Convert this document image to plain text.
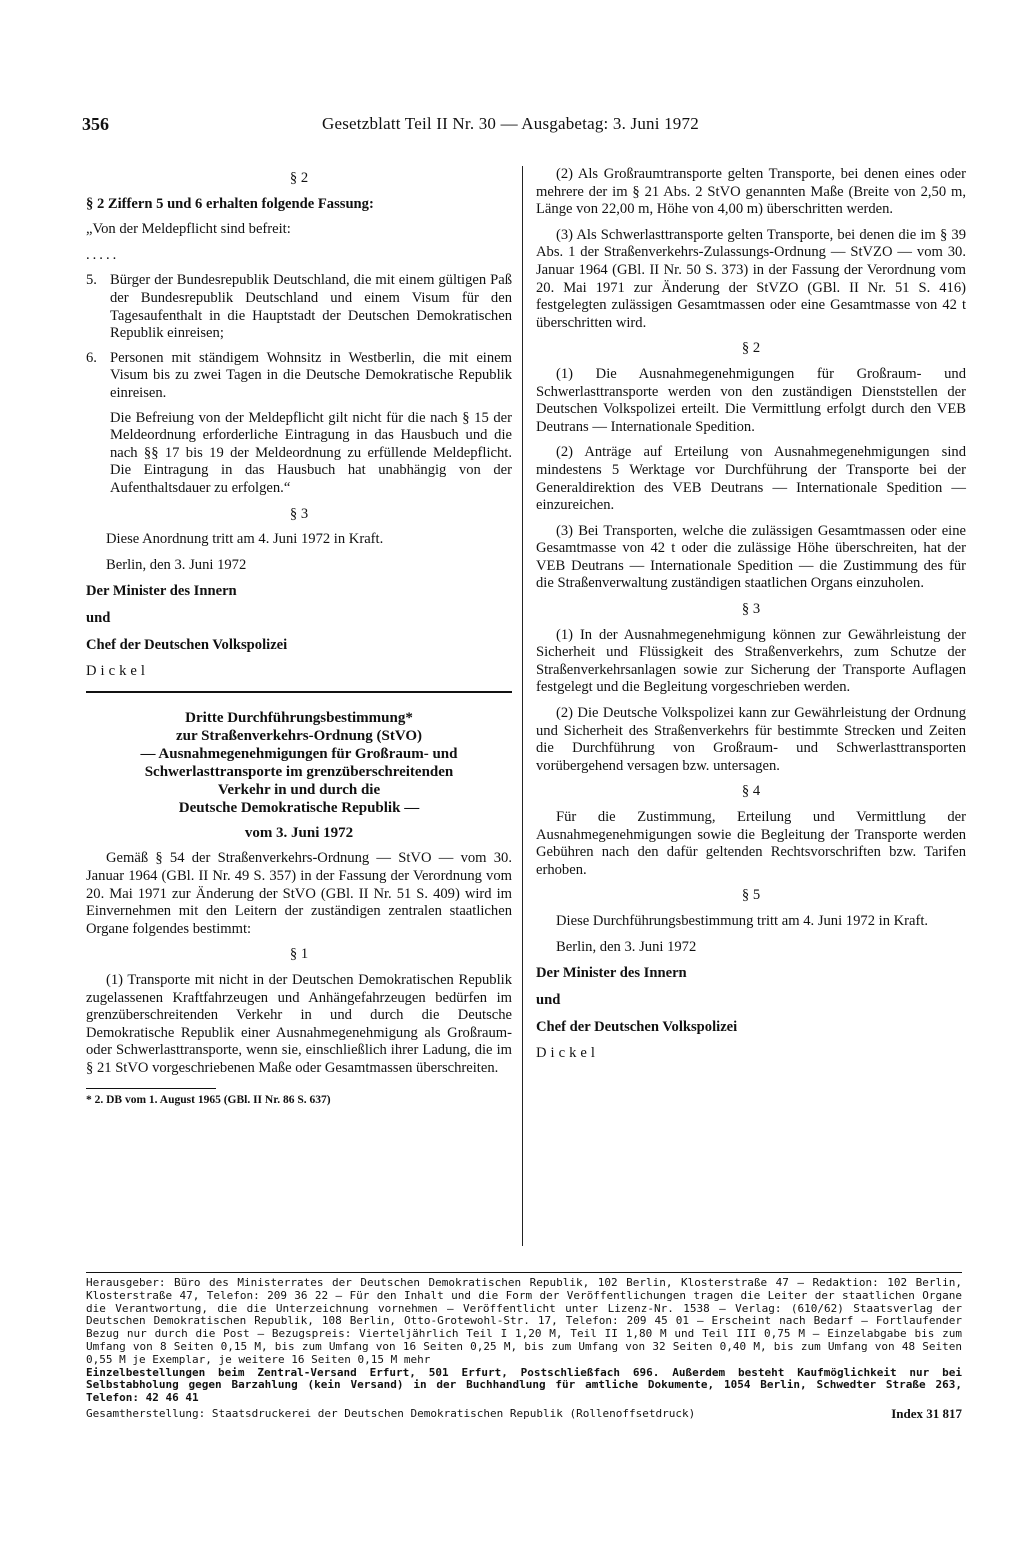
356	Gesetzblatt Teil II Nr. 30 — Ausgabetag: 3. Juni 1972
§ 2

§ 2 Ziffern 5 und 6 erhalten folgende Fassung:

„Von der Meldepflicht sind befreit:

.....

5. Bürger der Bundesrepublik Deutschland, die mit einem gültigen Paß der Bundesrepublik Deutschland und einem Visum für den Tagesaufenthalt in die Hauptstadt der Deutschen Demokratischen Republik einreisen;
6. Personen mit ständigem Wohnsitz in Westberlin, die mit einem Visum bis zu zwei Tagen in die Deutsche Demokratische Republik einreisen.

Die Befreiung von der Meldepflicht gilt nicht für die nach § 15 der Meldeordnung erforderliche Eintragung in das Hausbuch und die nach §§ 17 bis 19 der Meldeordnung zu erfüllende Meldepflicht. Die Eintragung in das Hausbuch hat unabhängig von der Aufenthaltsdauer zu erfolgen.“

§ 3

Diese Anordnung tritt am 4. Juni 1972 in Kraft.

Berlin, den 3. Juni 1972

Der Minister des Innern

und

Chef der Deutschen Volkspolizei

Dickel

Dritte Durchführungsbestimmung*
zur Straßenverkehrs-Ordnung (StVO)
— Ausnahmegenehmigungen für Großraum- und
Schwerlasttransporte im grenzüberschreitenden
Verkehr in und durch die
Deutsche Demokratische Republik —
vom 3. Juni 1972

Gemäß § 54 der Straßenverkehrs-Ordnung — StVO — vom 30. Januar 1964 (GBl. II Nr. 49 S. 357) in der Fassung der Verordnung vom 20. Mai 1971 zur Änderung der StVO (GBl. II Nr. 51 S. 409) wird im Einvernehmen mit den Leitern der zuständigen zentralen staatlichen Organe folgendes bestimmt:

§ 1

(1) Transporte mit nicht in der Deutschen Demokratischen Republik zugelassenen Kraftfahrzeugen und Anhängefahrzeugen bedürfen im grenzüberschreitenden Verkehr in und durch die Deutsche Demokratische Republik einer Ausnahmegenehmigung als Großraum- oder Schwerlasttransporte, wenn sie, einschließlich ihrer Ladung, die im § 21 StVO vorgeschriebenen Maße oder Gesamtmassen überschreiten.

* 2. DB vom 1. August 1965 (GBl. II Nr. 86 S. 637)

(2) Als Großraumtransporte gelten Transporte, bei denen eines oder mehrere der im § 21 Abs. 2 StVO genannten Maße (Breite von 2,50 m, Länge von 22,00 m, Höhe von 4,00 m) überschritten werden.

(3) Als Schwerlasttransporte gelten Transporte, bei denen die im § 39 Abs. 1 der Straßenverkehrs-Zulassungs-Ordnung — StVZO — vom 30. Januar 1964 (GBl. II Nr. 50 S. 373) in der Fassung der Verordnung vom 20. Mai 1971 zur Änderung der StVZO (GBl. II Nr. 51 S. 416) festgelegten zulässigen Gesamtmassen oder eine Gesamtmasse von 42 t überschritten wird.

§ 2

(1) Die Ausnahmegenehmigungen für Großraum- und Schwerlasttransporte werden von den zuständigen Dienststellen der Deutschen Volkspolizei erteilt. Die Vermittlung erfolgt durch den VEB Deutrans — Internationale Spedition.

(2) Anträge auf Erteilung von Ausnahmegenehmigungen sind mindestens 5 Werktage vor Durchführung der Transporte bei der Generaldirektion des VEB Deutrans — Internationale Spedition — einzureichen.

(3) Bei Transporten, welche die zulässigen Gesamtmassen oder eine Gesamtmasse von 42 t oder die zulässige Höhe überschreiten, hat der VEB Deutrans — Internationale Spedition — die Zustimmung des für die Straßenverwaltung zuständigen staatlichen Organs einzuholen.

§ 3

(1) In der Ausnahmegenehmigung können zur Gewährleistung der Sicherheit und Flüssigkeit des Straßenverkehrs, zum Schutze der Straßenverkehrsanlagen sowie zur Sicherung der Transporte Auflagen festgelegt und die Begleitung vorgeschrieben werden.

(2) Die Deutsche Volkspolizei kann zur Gewährleistung der Ordnung und Sicherheit des Straßenverkehrs für bestimmte Strecken und Zeiten die Durchführung von Großraum- und Schwerlasttransporten vorübergehend versagen bzw. untersagen.

§ 4

Für die Zustimmung, Erteilung und Vermittlung der Ausnahmegenehmigungen sowie die Begleitung der Transporte werden Gebühren nach den dafür geltenden Rechtsvorschriften bzw. Tarifen erhoben.

§ 5

Diese Durchführungsbestimmung tritt am 4. Juni 1972 in Kraft.

Berlin, den 3. Juni 1972

Der Minister des Innern

und

Chef der Deutschen Volkspolizei

Dickel

Herausgeber: Büro des Ministerrates der Deutschen Demokratischen Republik, 102 Berlin, Klosterstraße 47 — Redaktion: 102 Berlin, Klosterstraße 47, Telefon: 209 36 22 — Für den Inhalt und die Form der Veröffentlichungen tragen die Leiter der staatlichen Organe die Verantwortung, die die Unterzeichnung vornehmen — Veröffentlicht unter Lizenz-Nr. 1538 — Verlag: (610/62) Staatsverlag der Deutschen Demokratischen Republik, 108 Berlin, Otto-Grotewohl-Str. 17, Telefon: 209 45 01 — Erscheint nach Bedarf — Fortlaufender Bezug nur durch die Post — Bezugspreis: Vierteljährlich Teil I 1,20 M, Teil II 1,80 M und Teil III 0,75 M — Einzelabgabe bis zum Umfang von 8 Seiten 0,15 M, bis zum Umfang von 16 Seiten 0,25 M, bis zum Umfang von 32 Seiten 0,40 M, bis zum Umfang von 48 Seiten 0,55 M je Exemplar, je weitere 16 Seiten 0,15 M mehr

Einzelbestellungen beim Zentral-Versand Erfurt, 501 Erfurt, Postschließfach 696. Außerdem besteht Kaufmöglichkeit nur bei Selbstabholung gegen Barzahlung (kein Versand) in der Buchhandlung für amtliche Dokumente, 1054 Berlin, Schwedter Straße 263, Telefon: 42 46 41

Gesamtherstellung: Staatsdruckerei der Deutschen Demokratischen Republik (Rollenoffsetdruck)	Index 31 817
